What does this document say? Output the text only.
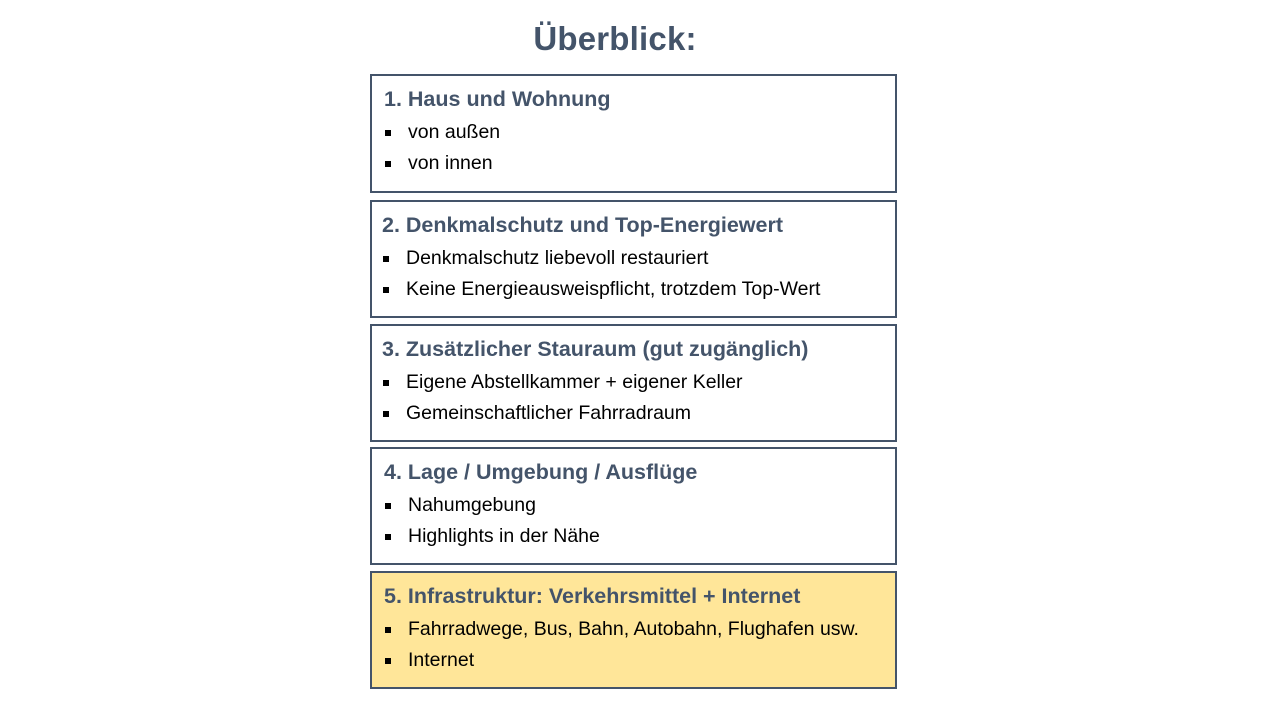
Überblick:
1. Haus und Wohnung
von außen
von innen
2. Denkmalschutz und Top-Energiewert
Denkmalschutz liebevoll restauriert
Keine Energieausweispflicht, trotzdem Top-Wert
3. Zusätzlicher Stauraum (gut zugänglich)
Eigene Abstellkammer + eigener Keller
Gemeinschaftlicher Fahrradraum
4. Lage / Umgebung / Ausflüge
Nahumgebung
Highlights in der Nähe
5. Infrastruktur: Verkehrsmittel + Internet
Fahrradwege, Bus, Bahn, Autobahn, Flughafen usw.
Internet
